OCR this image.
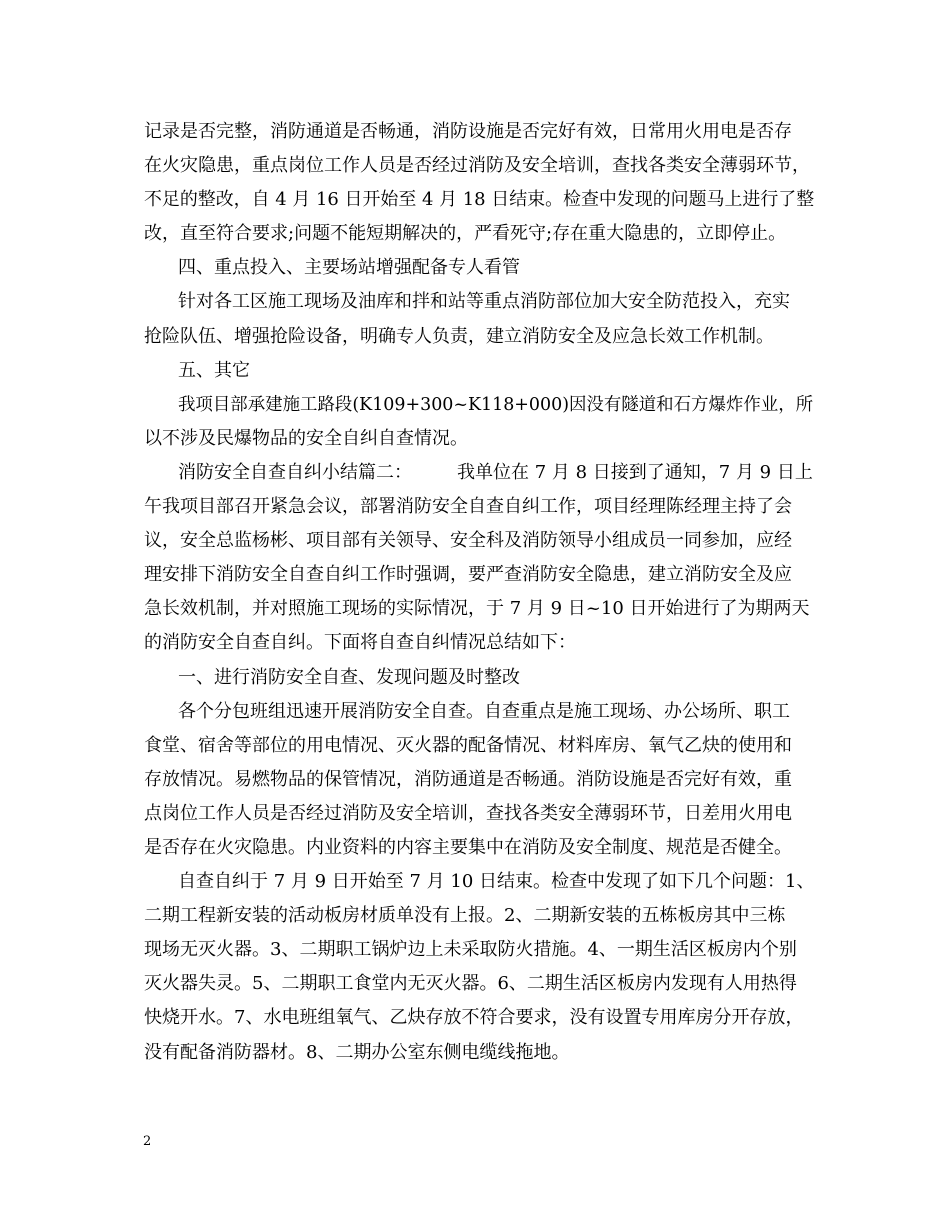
记录是否完整，消防通道是否畅通，消防设施是否完好有效，日常用火用电是否存
在火灾隐患，重点岗位工作人员是否经过消防及安全培训，查找各类安全薄弱环节，
不足的整改，自 4 月 16 日开始至 4 月 18 日结束。检查中发现的问题马上进行了整
改，直至符合要求;问题不能短期解决的，严看死守;存在重大隐患的，立即停止。
四、重点投入、主要场站增强配备专人看管
针对各工区施工现场及油库和拌和站等重点消防部位加大安全防范投入，充实
抢险队伍、增强抢险设备，明确专人负责，建立消防安全及应急长效工作机制。
五、其它
我项目部承建施工路段(K109+300~K118+000)因没有隧道和石方爆炸作业，所
以不涉及民爆物品的安全自纠自查情况。
消防安全自查自纠小结篇二：　　　我单位在 7 月 8 日接到了通知，7 月 9 日上
午我项目部召开紧急会议，部署消防安全自查自纠工作，项目经理陈经理主持了会
议，安全总监杨彬、项目部有关领导、安全科及消防领导小组成员一同参加，应经
理安排下消防安全自查自纠工作时强调，要严查消防安全隐患，建立消防安全及应
急长效机制，并对照施工现场的实际情况，于 7 月 9 日~10 日开始进行了为期两天
的消防安全自查自纠。下面将自查自纠情况总结如下：
一、进行消防安全自查、发现问题及时整改
各个分包班组迅速开展消防安全自查。自查重点是施工现场、办公场所、职工
食堂、宿舍等部位的用电情况、灭火器的配备情况、材料库房、氧气乙炔的使用和
存放情况。易燃物品的保管情况，消防通道是否畅通。消防设施是否完好有效，重
点岗位工作人员是否经过消防及安全培训，查找各类安全薄弱环节，日差用火用电
是否存在火灾隐患。内业资料的内容主要集中在消防及安全制度、规范是否健全。
自查自纠于 7 月 9 日开始至 7 月 10 日结束。检查中发现了如下几个问题：1、
二期工程新安装的活动板房材质单没有上报。2、二期新安装的五栋板房其中三栋
现场无灭火器。3、二期职工锅炉边上未采取防火措施。4、一期生活区板房内个别
灭火器失灵。5、二期职工食堂内无灭火器。6、二期生活区板房内发现有人用热得
快烧开水。7、水电班组氧气、乙炔存放不符合要求，没有设置专用库房分开存放，
没有配备消防器材。8、二期办公室东侧电缆线拖地。
2
